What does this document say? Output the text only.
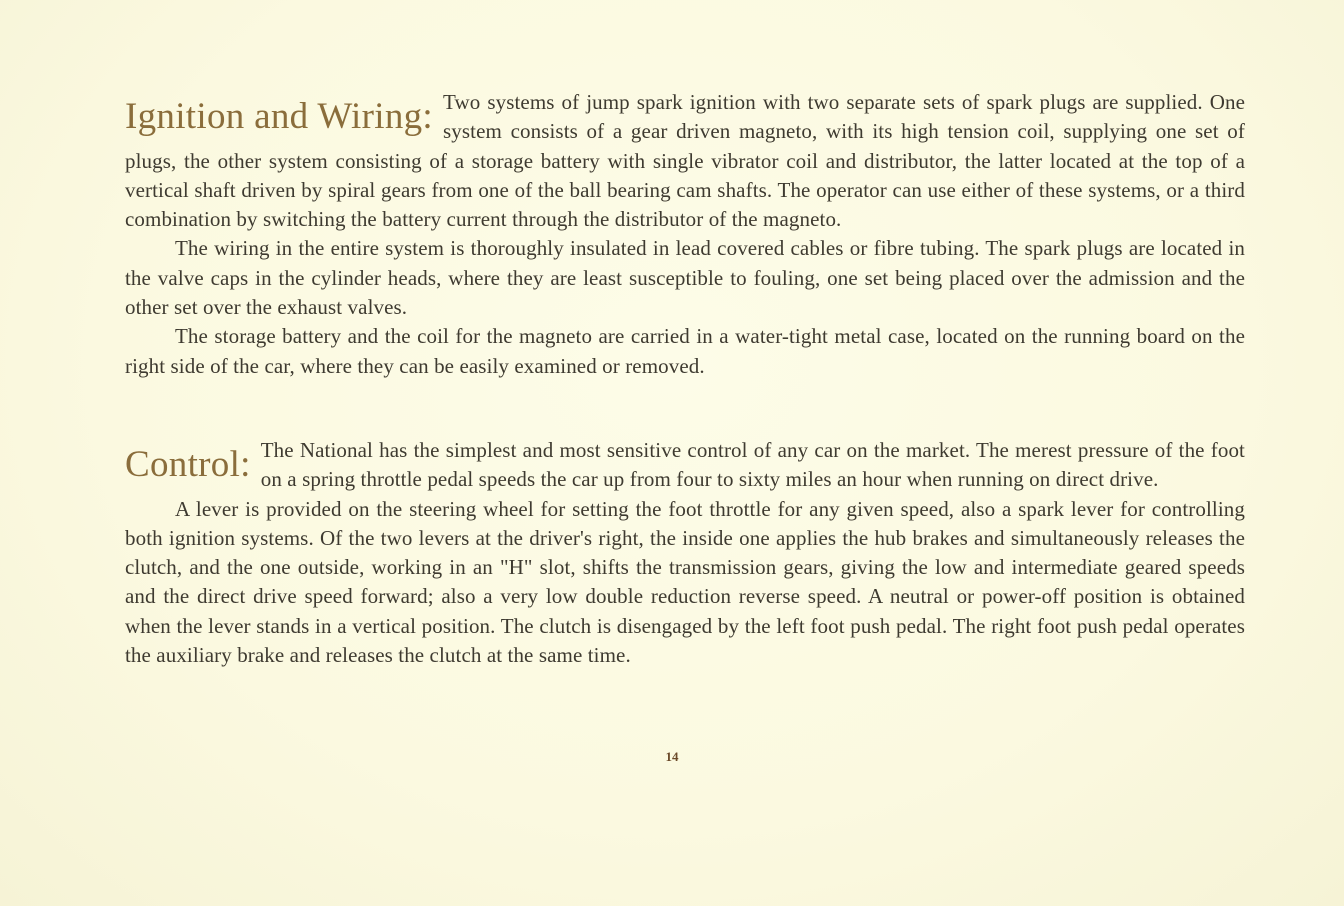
Ignition and Wiring: Two systems of jump spark ignition with two separate sets of spark plugs are supplied. One system consists of a gear driven magneto, with its high tension coil, supplying one set of plugs, the other system consisting of a storage battery with single vibrator coil and distributor, the latter located at the top of a vertical shaft driven by spiral gears from one of the ball bearing cam shafts. The operator can use either of these systems, or a third combination by switching the battery current through the distributor of the magneto.

The wiring in the entire system is thoroughly insulated in lead covered cables or fibre tubing. The spark plugs are located in the valve caps in the cylinder heads, where they are least susceptible to fouling, one set being placed over the admission and the other set over the exhaust valves.

The storage battery and the coil for the magneto are carried in a water-tight metal case, located on the running board on the right side of the car, where they can be easily examined or removed.

Control: The National has the simplest and most sensitive control of any car on the market. The merest pressure of the foot on a spring throttle pedal speeds the car up from four to sixty miles an hour when running on direct drive.

A lever is provided on the steering wheel for setting the foot throttle for any given speed, also a spark lever for controlling both ignition systems. Of the two levers at the driver's right, the inside one applies the hub brakes and simultaneously releases the clutch, and the one outside, working in an "H" slot, shifts the transmission gears, giving the low and intermediate geared speeds and the direct drive speed forward; also a very low double reduction reverse speed. A neutral or power-off position is obtained when the lever stands in a vertical position. The clutch is disengaged by the left foot push pedal. The right foot push pedal operates the auxiliary brake and releases the clutch at the same time.

14
